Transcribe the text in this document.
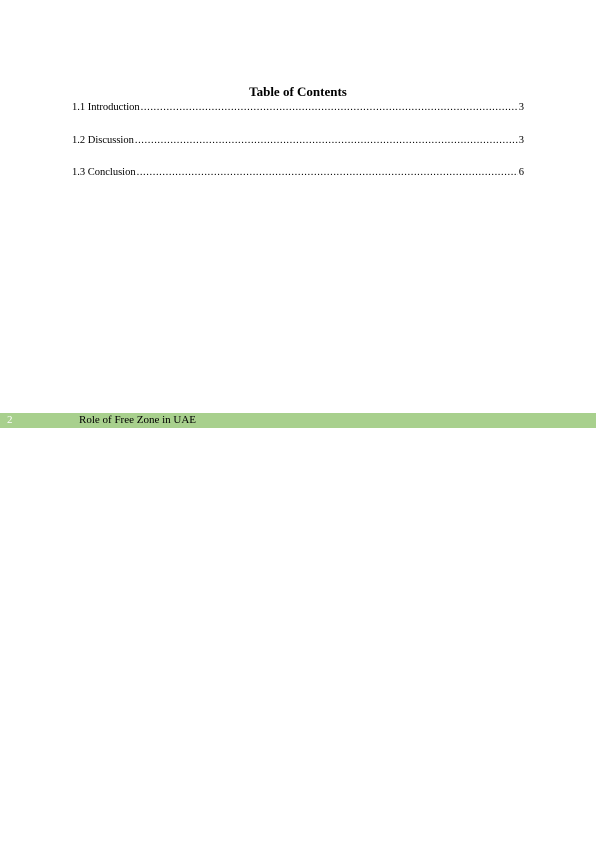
Table of Contents
1.1 Introduction .....	3
1.2 Discussion .....	3
1.3 Conclusion .....	6
2	Role of Free Zone in UAE
